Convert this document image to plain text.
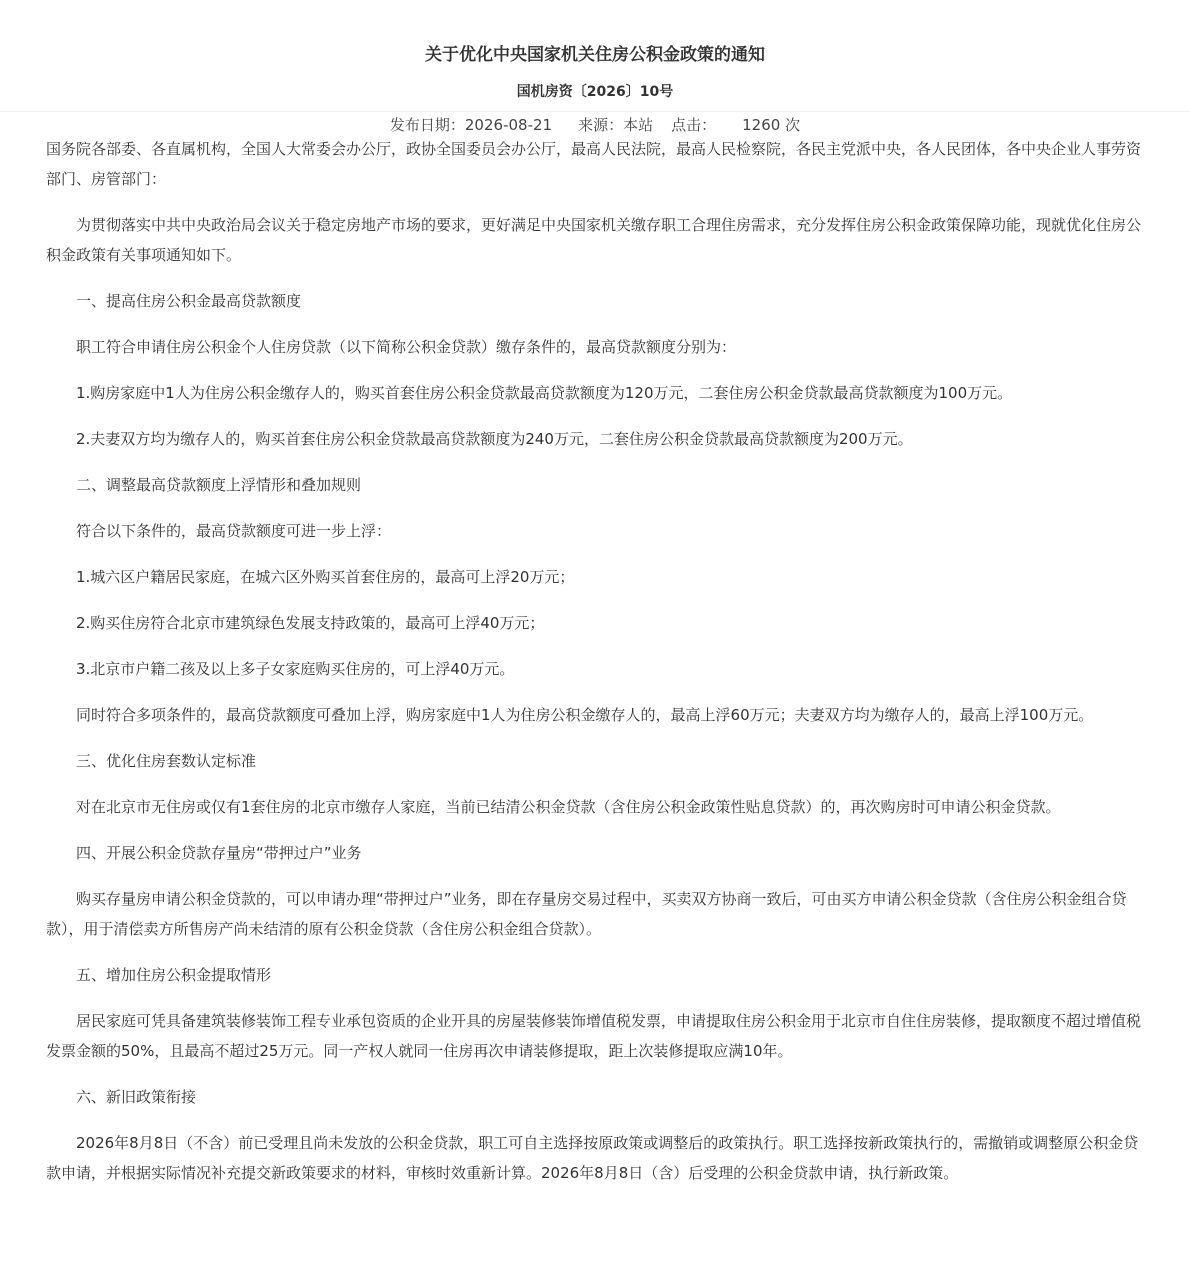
关于优化中央国家机关住房公积金政策的通知
国机房资〔2026〕10号
发布日期：2026-08-21 来源：本站 点击： 1260 次

国务院各部委、各直属机构，全国人大常委会办公厅，政协全国委员会办公厅，最高人民法院，最高人民检察院，各民主党派中央，各人民团体，各中央企业人事劳资部门、房管部门：

为贯彻落实中共中央政治局会议关于稳定房地产市场的要求，更好满足中央国家机关缴存职工合理住房需求，充分发挥住房公积金政策保障功能，现就优化住房公积金政策有关事项通知如下。

一、提高住房公积金最高贷款额度

职工符合申请住房公积金个人住房贷款（以下简称公积金贷款）缴存条件的，最高贷款额度分别为：

1.购房家庭中1人为住房公积金缴存人的，购买首套住房公积金贷款最高贷款额度为120万元，二套住房公积金贷款最高贷款额度为100万元。

2.夫妻双方均为缴存人的，购买首套住房公积金贷款最高贷款额度为240万元，二套住房公积金贷款最高贷款额度为200万元。

二、调整最高贷款额度上浮情形和叠加规则

符合以下条件的，最高贷款额度可进一步上浮：

1.城六区户籍居民家庭，在城六区外购买首套住房的，最高可上浮20万元；

2.购买住房符合北京市建筑绿色发展支持政策的，最高可上浮40万元；

3.北京市户籍二孩及以上多子女家庭购买住房的，可上浮40万元。

同时符合多项条件的，最高贷款额度可叠加上浮，购房家庭中1人为住房公积金缴存人的，最高上浮60万元；夫妻双方均为缴存人的，最高上浮100万元。

三、优化住房套数认定标准

对在北京市无住房或仅有1套住房的北京市缴存人家庭，当前已结清公积金贷款（含住房公积金政策性贴息贷款）的，再次购房时可申请公积金贷款。

四、开展公积金贷款存量房“带押过户”业务

购买存量房申请公积金贷款的，可以申请办理“带押过户”业务，即在存量房交易过程中，买卖双方协商一致后，可由买方申请公积金贷款（含住房公积金组合贷款），用于清偿卖方所售房产尚未结清的原有公积金贷款（含住房公积金组合贷款）。

五、增加住房公积金提取情形

居民家庭可凭具备建筑装修装饰工程专业承包资质的企业开具的房屋装修装饰增值税发票，申请提取住房公积金用于北京市自住住房装修，提取额度不超过增值税发票金额的50%，且最高不超过25万元。同一产权人就同一住房再次申请装修提取，距上次装修提取应满10年。

六、新旧政策衔接

2026年8月8日（不含）前已受理且尚未发放的公积金贷款，职工可自主选择按原政策或调整后的政策执行。职工选择按新政策执行的，需撤销或调整原公积金贷款申请，并根据实际情况补充提交新政策要求的材料，审核时效重新计算。2026年8月8日（含）后受理的公积金贷款申请，执行新政策。
